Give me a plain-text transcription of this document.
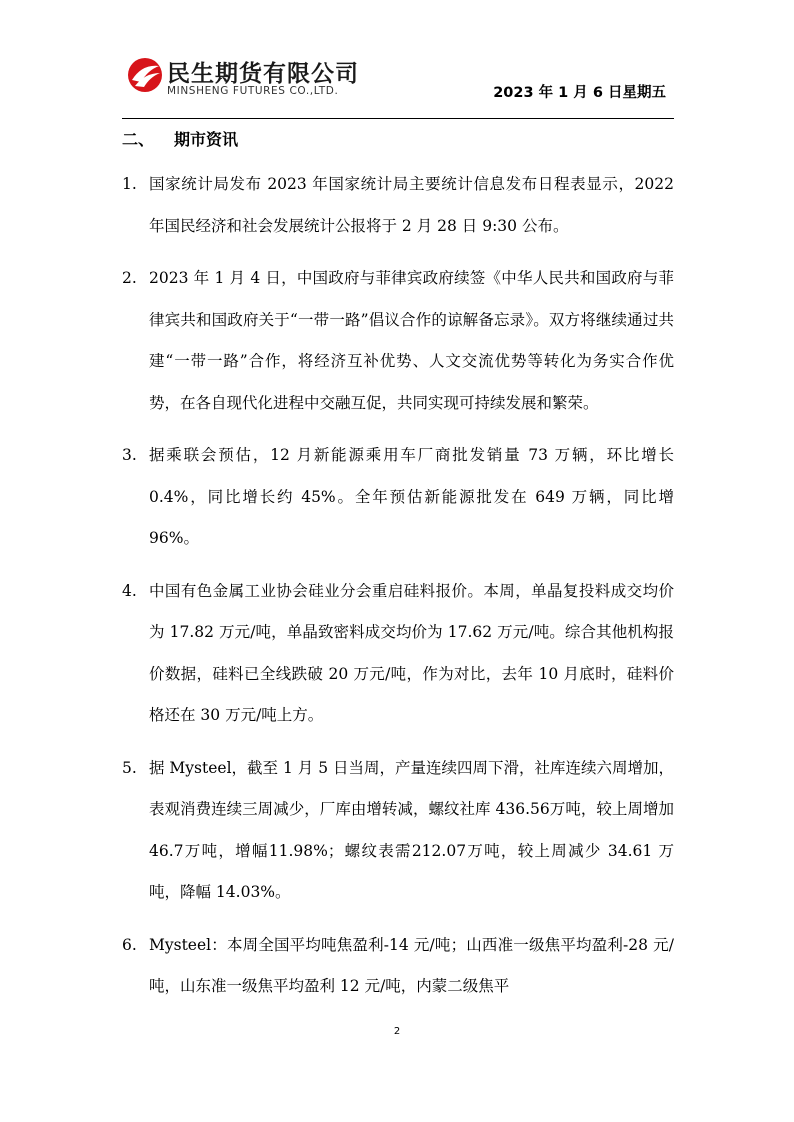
民生期货有限公司
MINSHENG FUTURES CO.,LTD.	2023 年 1 月 6 日星期五
二、 期市资讯
1. 国家统计局发布 2023 年国家统计局主要统计信息发布日程表显示，2022 年国民经济和社会发展统计公报将于 2 月 28 日 9:30 公布。
2. 2023 年 1 月 4 日，中国政府与菲律宾政府续签《中华人民共和国政府与菲律宾共和国政府关于“一带一路”倡议合作的谅解备忘录》。双方将继续通过共建“一带一路”合作，将经济互补优势、人文交流优势等转化为务实合作优势，在各自现代化进程中交融互促，共同实现可持续发展和繁荣。
3. 据乘联会预估，12 月新能源乘用车厂商批发销量 73 万辆，环比增长 0.4%，同比增长约 45%。全年预估新能源批发在 649 万辆，同比增 96%。
4. 中国有色金属工业协会硅业分会重启硅料报价。本周，单晶复投料成交均价为 17.82 万元/吨，单晶致密料成交均价为 17.62 万元/吨。综合其他机构报价数据，硅料已全线跌破 20 万元/吨，作为对比，去年 10 月底时，硅料价格还在 30 万元/吨上方。
5. 据 Mysteel，截至 1 月 5 日当周，产量连续四周下滑，社库连续六周增加，表观消费连续三周减少，厂库由增转减，螺纹社库 436.56万吨，较上周增加46.7万吨，增幅11.98%；螺纹表需212.07万吨，较上周减少 34.61 万吨，降幅 14.03%。
6. Mysteel：本周全国平均吨焦盈利-14 元/吨；山西准一级焦平均盈利-28 元/吨，山东准一级焦平均盈利 12 元/吨，内蒙二级焦平
2
